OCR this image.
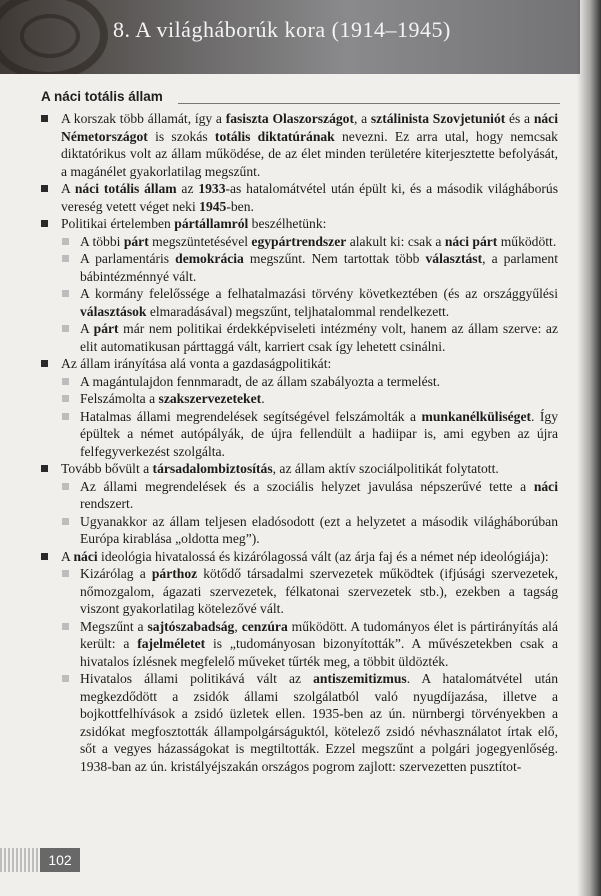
8. A világháborúk kora (1914–1945)
A náci totális állam
A korszak több államát, így a fasiszta Olaszországot, a sztálinista Szovjetuniót és a náci Németországot is szokás totális diktatúrának nevezni. Ez arra utal, hogy nemcsak diktatórikus volt az állam működése, de az élet minden területére kiterjesztette befolyását, a magánélet gyakorlatilag megszűnt.
A náci totális állam az 1933-as hatalomátvétel után épült ki, és a második világháborús vereség vetett véget neki 1945-ben.
Politikai értelemben pártállamról beszélhetünk:
A többi párt megszüntetésével egypártrendszer alakult ki: csak a náci párt működött.
A parlamentáris demokrácia megszűnt. Nem tartottak több választást, a parlament bábintézménnyé vált.
A kormány felelőssége a felhatalmazási törvény következtében (és az országgyűlési választások elmaradásával) megszűnt, teljhatalommal rendelkezett.
A párt már nem politikai érdekképviseleti intézmény volt, hanem az állam szerve: az elit automatikusan párttaggá vált, karriert csak így lehetett csinálni.
Az állam irányítása alá vonta a gazdaságpolitikát:
A magántulajdon fennmaradt, de az állam szabályozta a termelést.
Felszámolta a szakszervezeteket.
Hatalmas állami megrendelések segítségével felszámolták a munkanélküliséget. Így épültek a német autópályák, de újra fellendült a hadiipar is, ami egyben az újra felfegyverkezést szolgálta.
Tovább bővült a társadalombiztosítás, az állam aktív szociálpolitikát folytatott.
Az állami megrendelések és a szociális helyzet javulása népszerűvé tette a náci rendszert.
Ugyanakkor az állam teljesen eladósodott (ezt a helyzetet a második világháborúban Európa kirablása „oldotta meg”).
A náci ideológia hivatalossá és kizárólagossá vált (az árja faj és a német nép ideológiája):
Kizárólag a párthoz kötődő társadalmi szervezetek működtek (ifjúsági szervezetek, nőmozgalom, ágazati szervezetek, félkatonai szervezetek stb.), ezekben a tagság viszont gyakorlatilag kötelezővé vált.
Megszűnt a sajtószabadság, cenzúra működött. A tudományos élet is pártirányítás alá került: a fajelméletet is „tudományosan bizonyították”. A művészetekben csak a hivatalos ízlésnek megfelelő műveket tűrték meg, a többit üldözték.
Hivatalos állami politikává vált az antiszemitizmus. A hatalomátvétel után megkezdődött a zsidók állami szolgálatból való nyugdíjazása, illetve a bojkottfelhívások a zsidó üzletek ellen. 1935-ben az ún. nürnbergi törvényekben a zsidókat megfosztották állampolgárságuktól, kötelező zsidó névhasználatot írtak elő, sőt a vegyes házasságokat is megtiltották. Ezzel megszűnt a polgári jogegyenlőség. 1938-ban az ún. kristályéjszakán országos pogrom zajlott: szervezetten pusztítot-
102
